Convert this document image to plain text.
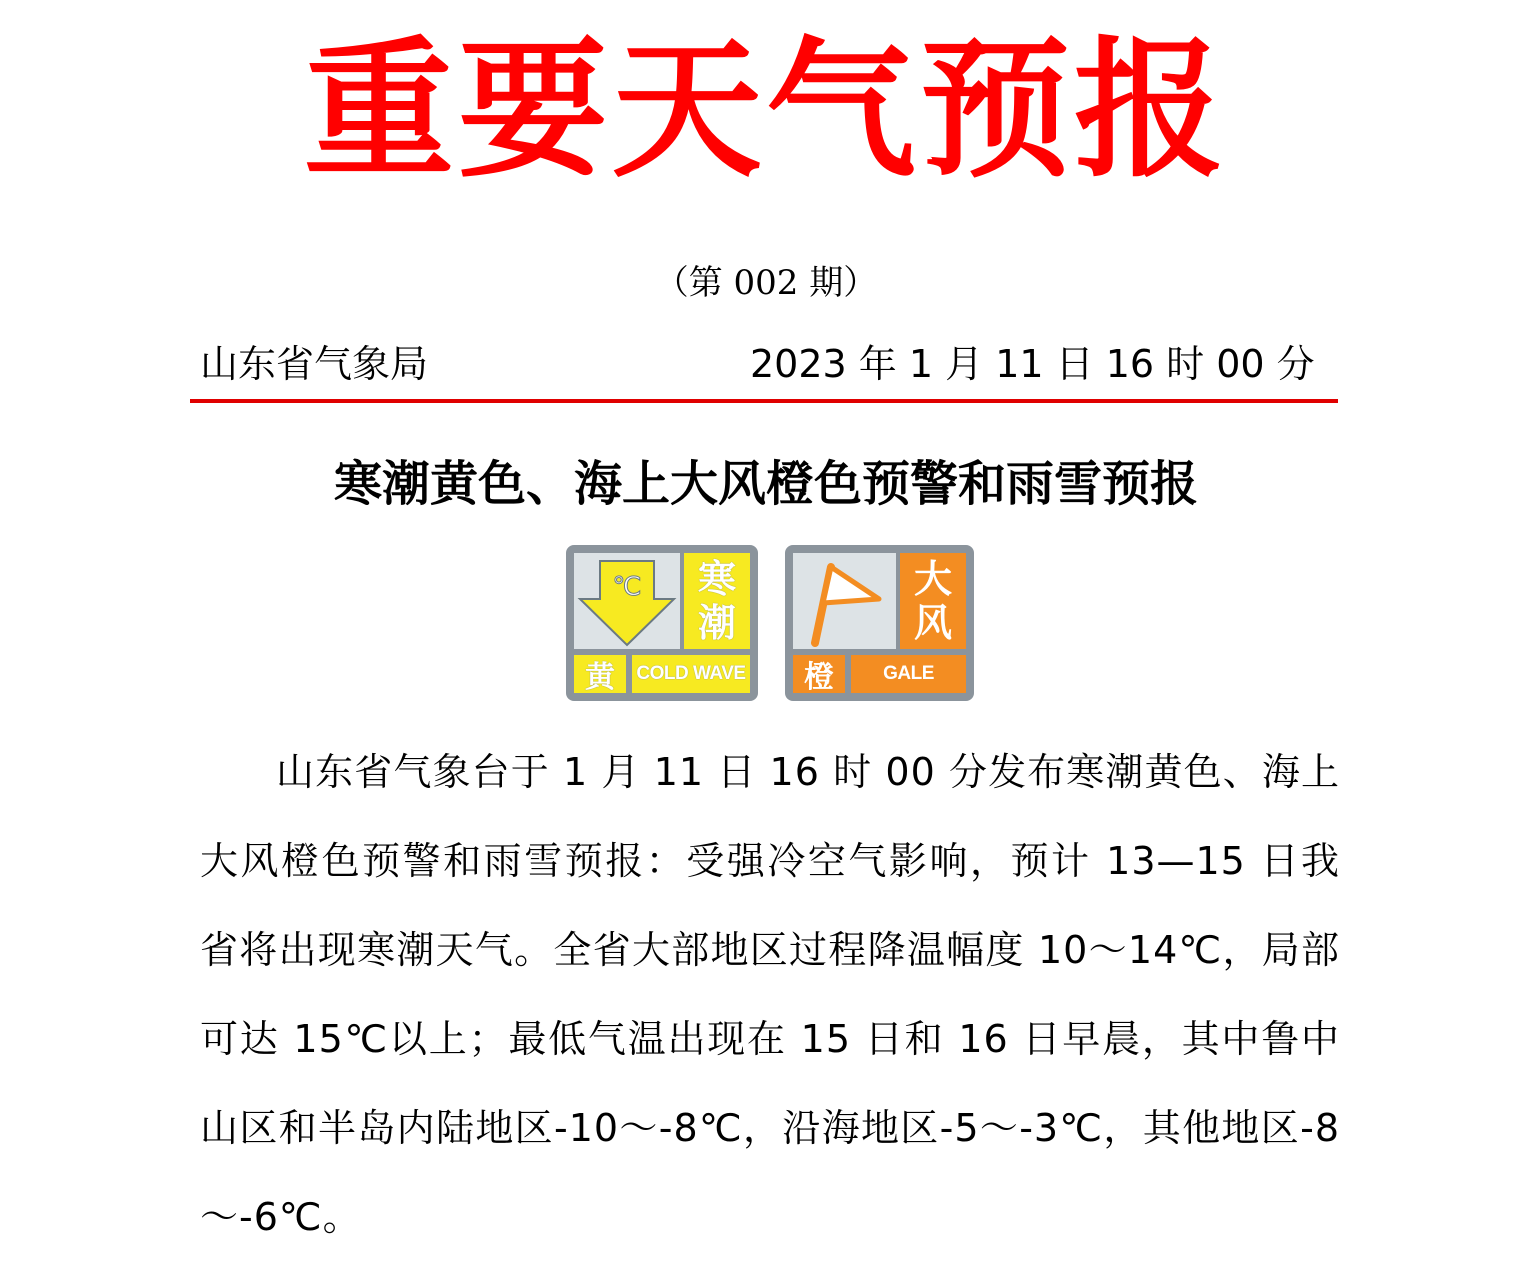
重要天气预报
（第 002 期）
山东省气象局	2023 年 1 月 11 日 16 时 00 分
寒潮黄色、海上大风橙色预警和雨雪预报
℃ 寒
潮
黄	COLD WAVE
大
风
橙	GALE
山东省气象台于 1 月 11 日 16 时 00 分发布寒潮黄色、海上大风橙色预警和雨雪预报：受强冷空气影响，预计 13—15 日我省将出现寒潮天气。全省大部地区过程降温幅度 10～14℃，局部可达 15℃以上；最低气温出现在 15 日和 16 日早晨，其中鲁中山区和半岛内陆地区-10～-8℃，沿海地区-5～-3℃，其他地区-8～-6℃。
